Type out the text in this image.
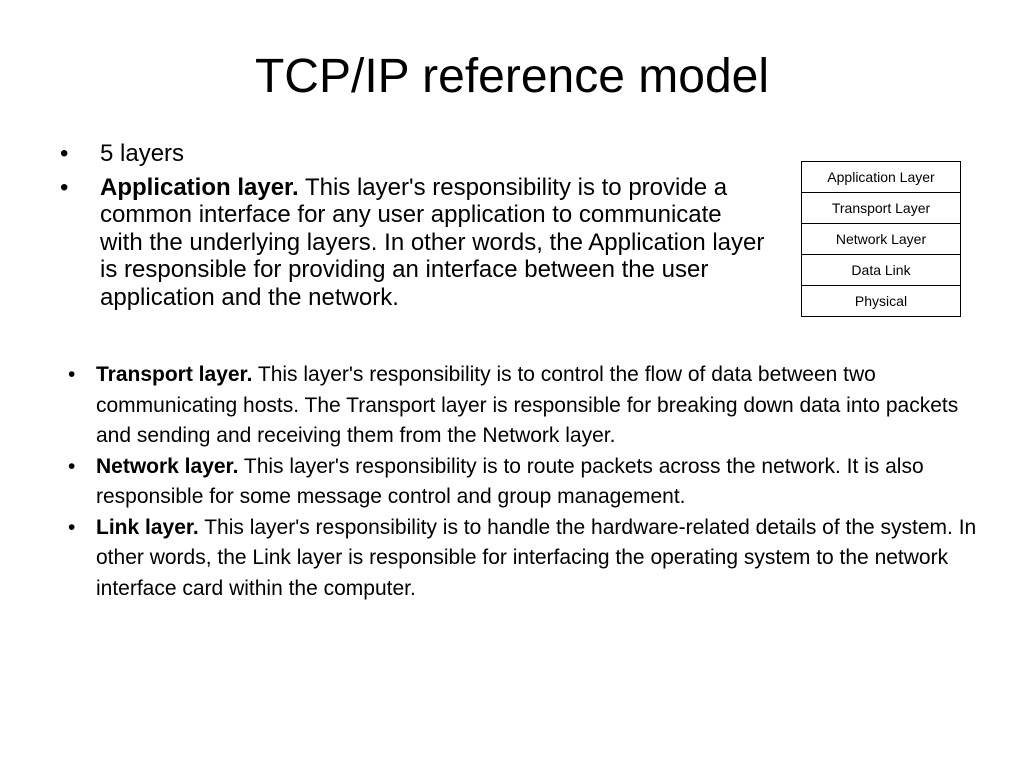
TCP/IP reference model
• 5 layers
• Application layer. This layer's responsibility is to provide a common interface for any user application to communicate with the underlying layers. In other words, the Application layer is responsible for providing an interface between the user application and the network.
Application Layer
Transport Layer
Network Layer
Data Link
Physical
• Transport layer. This layer's responsibility is to control the flow of data between two communicating hosts. The Transport layer is responsible for breaking down data into packets and sending and receiving them from the Network layer.
• Network layer. This layer's responsibility is to route packets across the network. It is also responsible for some message control and group management.
• Link layer. This layer's responsibility is to handle the hardware-related details of the system. In other words, the Link layer is responsible for interfacing the operating system to the network interface card within the computer.
